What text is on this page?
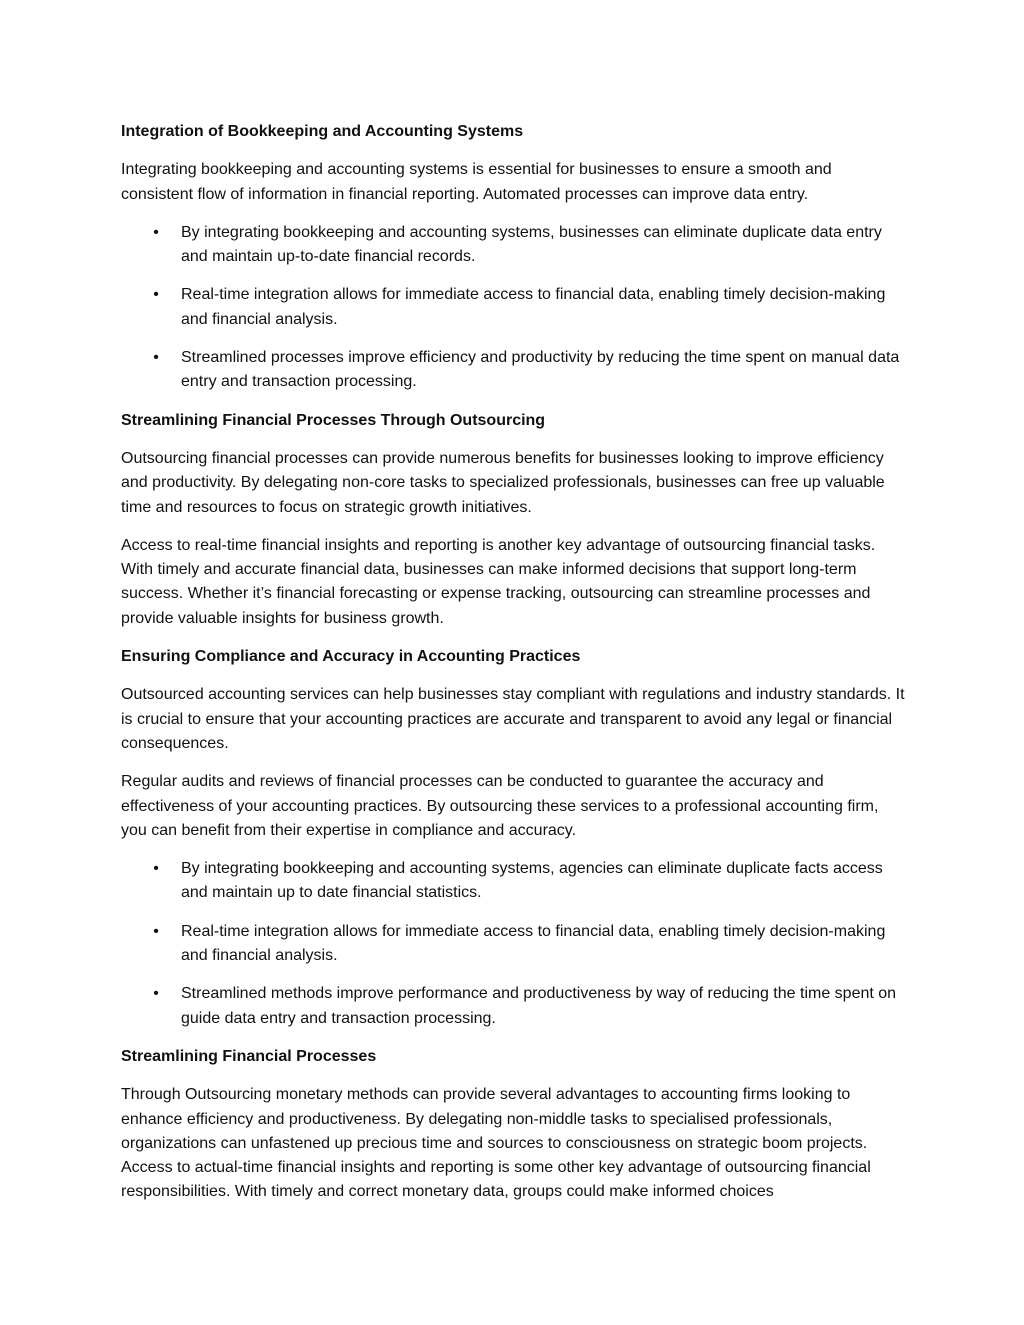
Integration of Bookkeeping and Accounting Systems
Integrating bookkeeping and accounting systems is essential for businesses to ensure a smooth and consistent flow of information in financial reporting. Automated processes can improve data entry.
• By integrating bookkeeping and accounting systems, businesses can eliminate duplicate data entry and maintain up-to-date financial records.
• Real-time integration allows for immediate access to financial data, enabling timely decision-making and financial analysis.
• Streamlined processes improve efficiency and productivity by reducing the time spent on manual data entry and transaction processing.
Streamlining Financial Processes Through Outsourcing
Outsourcing financial processes can provide numerous benefits for businesses looking to improve efficiency and productivity. By delegating non-core tasks to specialized professionals, businesses can free up valuable time and resources to focus on strategic growth initiatives.
Access to real-time financial insights and reporting is another key advantage of outsourcing financial tasks. With timely and accurate financial data, businesses can make informed decisions that support long-term success. Whether it’s financial forecasting or expense tracking, outsourcing can streamline processes and provide valuable insights for business growth.
Ensuring Compliance and Accuracy in Accounting Practices
Outsourced accounting services can help businesses stay compliant with regulations and industry standards. It is crucial to ensure that your accounting practices are accurate and transparent to avoid any legal or financial consequences.
Regular audits and reviews of financial processes can be conducted to guarantee the accuracy and effectiveness of your accounting practices. By outsourcing these services to a professional accounting firm, you can benefit from their expertise in compliance and accuracy.
• By integrating bookkeeping and accounting systems, agencies can eliminate duplicate facts access and maintain up to date financial statistics.
• Real-time integration allows for immediate access to financial data, enabling timely decision-making and financial analysis.
• Streamlined methods improve performance and productiveness by way of reducing the time spent on guide data entry and transaction processing.
Streamlining Financial Processes
Through Outsourcing monetary methods can provide several advantages to accounting firms looking to enhance efficiency and productiveness. By delegating non-middle tasks to specialised professionals, organizations can unfastened up precious time and sources to consciousness on strategic boom projects. Access to actual-time financial insights and reporting is some other key advantage of outsourcing financial responsibilities. With timely and correct monetary data, groups could make informed choices
